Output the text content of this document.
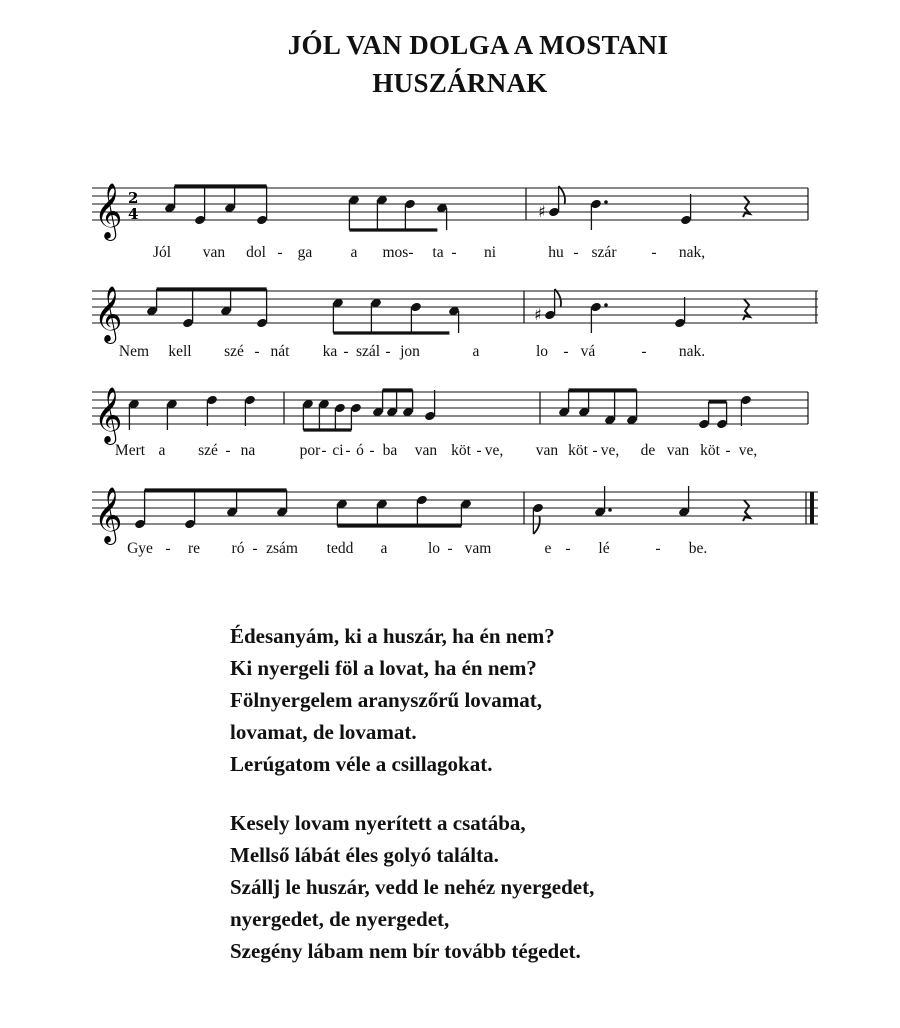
JÓL VAN DOLGA A MOSTANI
HUSZÁRNAK
𝄞 2
4	♯
Jól van dol - ga a mos- ta - ni	hu - szár - nak,
𝄞	♯
Nem kell szé - nát ka - szál - jon	a	lo - vá	- nak.
𝄞
Mert a szé - na	por - ci - ó - ba van köt - ve, van köt - ve, de van köt - ve,
𝄞
Gye - re ró - zsám tedd a	lo - vam	e - lé	- be.
Édesanyám, ki a huszár, ha én nem?
Ki nyergeli föl a lovat, ha én nem?
Fölnyergelem aranyszőrű lovamat,
lovamat, de lovamat.
Lerúgatom véle a csillagokat.
Kesely lovam nyerített a csatába,
Mellső lábát éles golyó találta.
Szállj le huszár, vedd le nehéz nyergedet,
nyergedet, de nyergedet,
Szegény lábam nem bír tovább tégedet.
